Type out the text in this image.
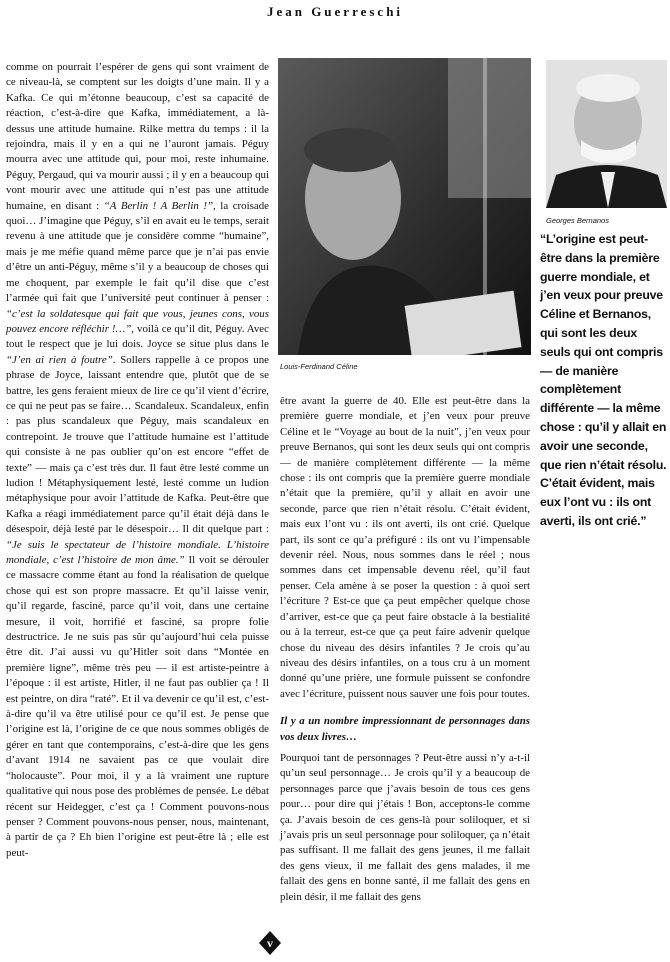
Jean Guerreschi

comme on pourrait l’espérer de gens qui sont vraiment de ce niveau-là, se comptent sur les doigts d’une main. Il y a Kafka. Ce qui m’étonne beaucoup, c’est sa capacité de réaction, c’est-à-dire que Kafka, immédiatement, a là-dessus une attitude humaine. Rilke mettra du temps : il la rejoindra, mais il y en a qui ne l’auront jamais. Péguy mourra avec une attitude qui, pour moi, reste inhumaine. Péguy, Pergaud, qui va mourir aussi ; il y en a beaucoup qui vont mourir avec une attitude qui n’est pas une attitude humaine, en disant : “A Berlin ! A Berlin !”, la croisade quoi… J’imagine que Péguy, s’il en avait eu le temps, serait revenu à une attitude que je considère comme “humaine”, mais je me méfie quand même parce que je n’ai pas envie d’être un anti-Péguy, même s’il y a beaucoup de choses qui me choquent, par exemple le fait qu’il dise que c’est l’armée qui fait que l’université peut continuer à penser : “c’est la soldatesque qui fait que vous, jeunes cons, vous pouvez encore réfléchir !…”, voilà ce qu’il dit, Péguy. Avec tout le respect que je lui dois. Joyce se situe plus dans le “J’en ai rien à foutre”. Sollers rappelle à ce propos une phrase de Joyce, laissant entendre que, plutôt que de se battre, les gens feraient mieux de lire ce qu’il vient d’écrire, ce qui ne peut pas se faire… Scandaleux. Scandaleux, enfin : pas plus scandaleux que Péguy, mais scandaleux en contrepoint. Je trouve que l’attitude humaine est l’attitude qui consiste à ne pas oublier qu’on est encore “effet de texte” — mais ça c’est très dur. Il faut être lesté comme un ludion ! Métaphysiquement lesté, lesté comme un ludion métaphysique pour avoir l’attitude de Kafka. Peut-être que Kafka a réagi immédiatement parce qu’il était déjà dans le désespoir, déjà lesté par le désespoir… Il dit quelque part : “Je suis le spectateur de l’histoire mondiale. L’histoire mondiale, c’est l’histoire de mon âme.” Il voit se dérouler ce massacre comme étant au fond la réalisation de quelque chose qui est son propre massacre. Et qu’il laisse venir, qu’il regarde, fasciné, parce qu’il voit, dans une certaine mesure, il voit, horrifié et fasciné, sa propre folie destructrice. Je ne suis pas sûr qu’aujourd’hui cela puisse être dit. J’ai aussi vu qu’Hitler soit dans “Montée en première ligne”, même très peu — il est artiste-peintre à l’époque : il est artiste, Hitler, il ne faut pas oublier ça ! Il est peintre, on dira “raté”. Et il va devenir ce qu’il est, c’est-à-dire qu’il va être utilisé pour ce qu’il est. Je pense que l’origine est là, l’origine de ce que nous sommes obligés de gérer en tant que contemporains, c’est-à-dire que les gens d’avant 1914 ne savaient pas ce que voulait dire “holocauste”. Pour moi, il y a là vraiment une rupture qualitative qui nous pose des problèmes de pensée. Le débat récent sur Heidegger, c’est ça ! Comment pouvons-nous penser ? Comment pouvons-nous penser, nous, maintenant, à partir de ça ? Eh bien l’origine est peut-être là ; elle est peut-

Louis-Ferdinand Céline
Georges Bernanos
“L’origine est peut-être dans la première guerre mondiale, et j’en veux pour preuve Céline et Bernanos, qui sont les deux seuls qui ont compris — de manière complètement différente — la même chose : qu’il y allait en avoir une seconde, que rien n’était résolu. C’était évident, mais eux l’ont vu : ils ont averti, ils ont crié.”

être avant la guerre de 40. Elle est peut-être dans la première guerre mondiale, et j’en veux pour preuve Céline et le “Voyage au bout de la nuit”, j’en veux pour preuve Bernanos, qui sont les deux seuls qui ont compris — de manière complètement différente — la même chose : ils ont compris que la première guerre mondiale n’était que la première, qu’il y allait en avoir une seconde, parce que rien n’était résolu. C’était évident, mais eux l’ont vu : ils ont averti, ils ont crié. Quelque part, ils sont ce qu’a préfiguré : ils ont vu l’impensable devenir réel. Nous, nous sommes dans le réel ; nous sommes dans cet impensable devenu réel, qu’il faut penser. Cela amène à se poser la question : à quoi sert l’écriture ? Est-ce que ça peut empêcher quelque chose d’arriver, est-ce que ça peut faire obstacle à la bestialité ou à la terreur, est-ce que ça peut faire advenir quelque chose du niveau des désirs infantiles ? Je crois qu’au niveau des désirs infantiles, on a tous cru à un moment donné qu’une prière, une formule puissent se confondre avec l’écriture, puissent nous sauver une fois pour toutes.

Il y a un nombre impressionnant de personnages dans vos deux livres…

Pourquoi tant de personnages ? Peut-être aussi n’y a-t-il qu’un seul personnage… Je crois qu’il y a beaucoup de personnages parce que j’avais besoin de tous ces gens pour… pour dire qui j’étais ! Bon, acceptons-le comme ça. J’avais besoin de ces gens-là pour soliloquer, et si j’avais pris un seul personnage pour soliloquer, ça n’était pas suffisant. Il me fallait des gens jeunes, il me fallait des gens vieux, il me fallait des gens malades, il me fallait des gens en bonne santé, il me fallait des gens en plein désir, il me fallait des gens

v
